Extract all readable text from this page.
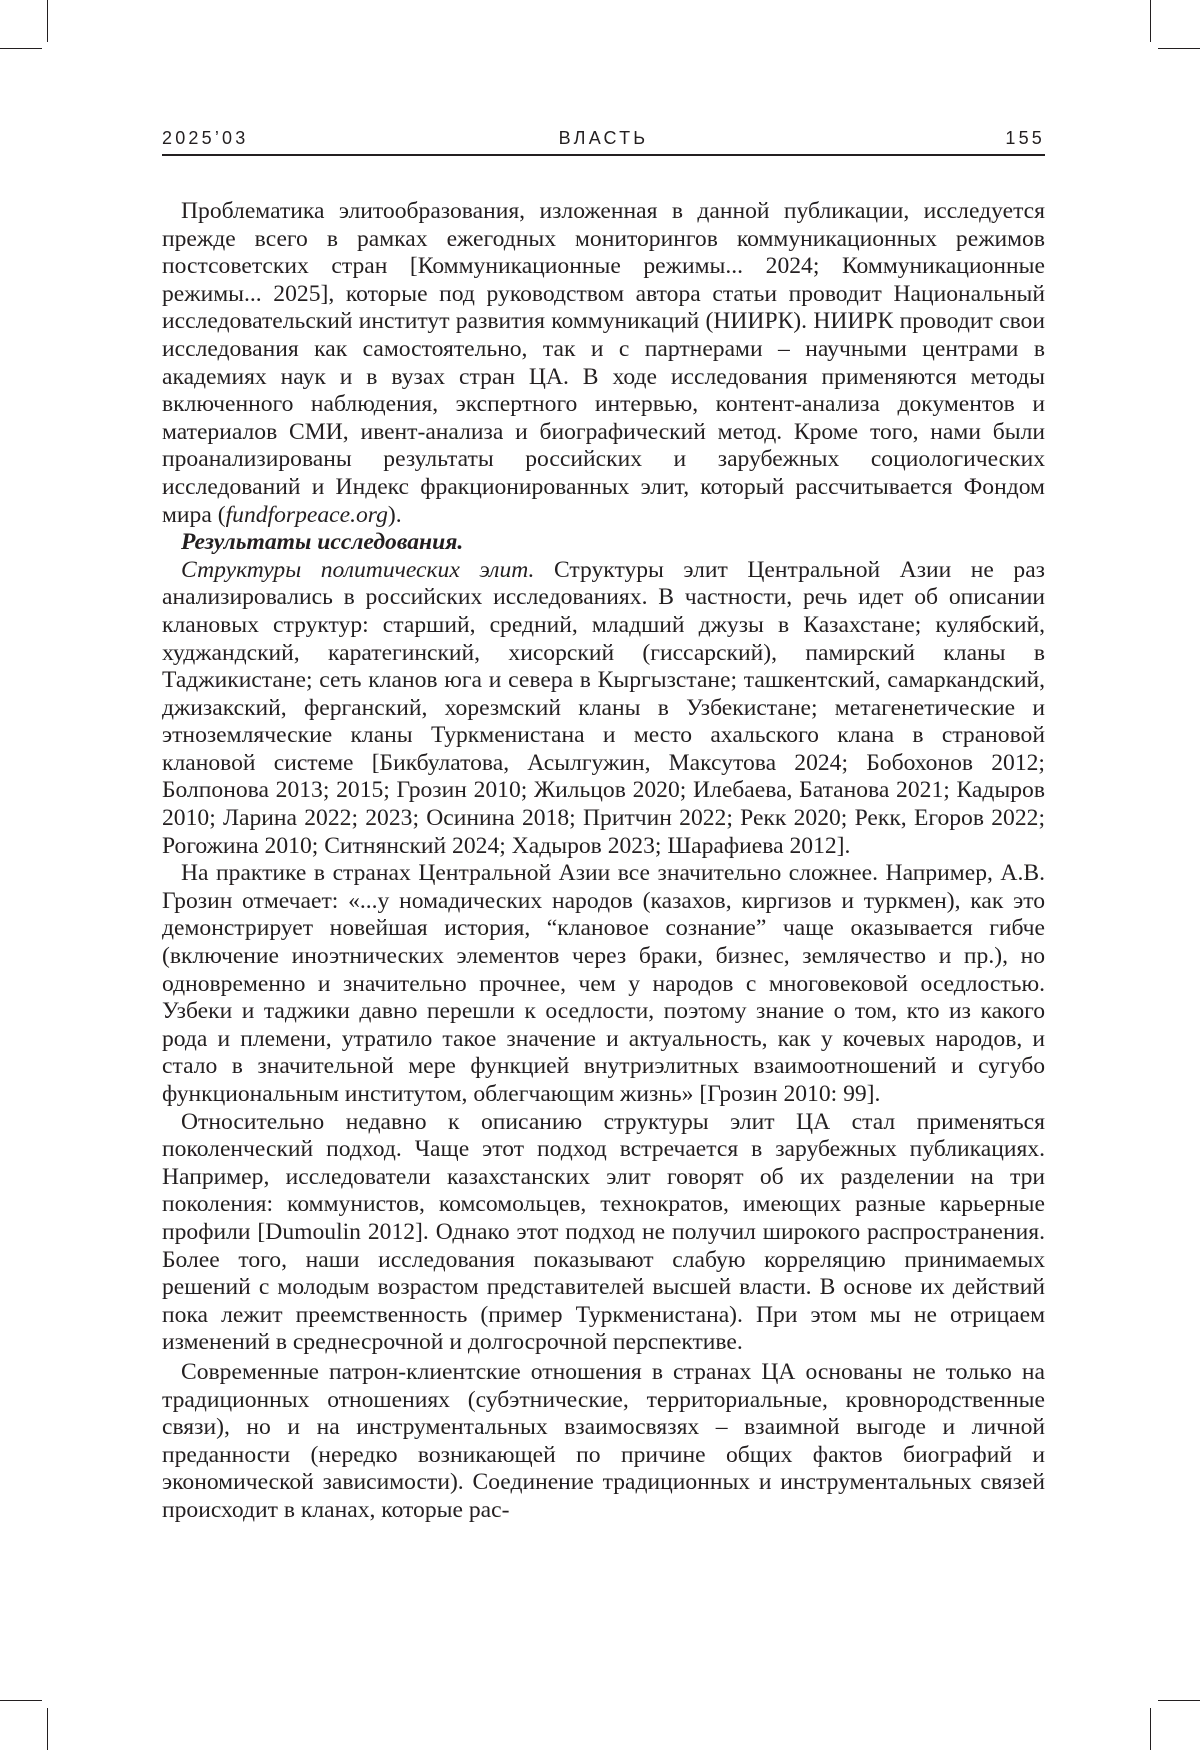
2025’03	ВЛАСТЬ	155

Проблематика элитообразования, изложенная в данной публикации, исследуется прежде всего в рамках ежегодных мониторингов коммуникационных режимов постсоветских стран [Коммуникационные режимы... 2024; Коммуникационные режимы... 2025], которые под руководством автора статьи проводит Национальный исследовательский институт развития коммуникаций (НИИРК). НИИРК проводит свои исследования как самостоятельно, так и с партнерами – научными центрами в академиях наук и в вузах стран ЦА. В ходе исследования применяются методы включенного наблюдения, экспертного интервью, контент-анализа документов и материалов СМИ, ивент-анализа и биографический метод. Кроме того, нами были проанализированы результаты российских и зарубежных социологических исследований и Индекс фракционированных элит, который рассчитывается Фондом мира (fundforpeace.org).

Результаты исследования.

Структуры политических элит. Структуры элит Центральной Азии не раз анализировались в российских исследованиях. В частности, речь идет об описании клановых структур: старший, средний, младший джузы в Казахстане; кулябский, худжандский, каратегинский, хисорский (гиссарский), памирский кланы в Таджикистане; сеть кланов юга и севера в Кыргызстане; ташкентский, самаркандский, джизакский, ферганский, хорезмский кланы в Узбекистане; метагенетические и этноземляческие кланы Туркменистана и место ахальского клана в страновой клановой системе [Бикбулатова, Асылгужин, Максутова 2024; Бобохонов 2012; Болпонова 2013; 2015; Грозин 2010; Жильцов 2020; Илебаева, Батанова 2021; Кадыров 2010; Ларина 2022; 2023; Осинина 2018; Притчин 2022; Рекк 2020; Рекк, Егоров 2022; Рогожина 2010; Ситнянский 2024; Хадыров 2023; Шарафиева 2012].

На практике в странах Центральной Азии все значительно сложнее. Например, А.В. Грозин отмечает: «...у номадических народов (казахов, киргизов и туркмен), как это демонстрирует новейшая история, “клановое сознание” чаще оказывается гибче (включение иноэтнических элементов через браки, бизнес, землячество и пр.), но одновременно и значительно прочнее, чем у народов с многовековой оседлостью. Узбеки и таджики давно перешли к оседлости, поэтому знание о том, кто из какого рода и племени, утратило такое значение и актуальность, как у кочевых народов, и стало в значительной мере функцией внутриэлитных взаимоотношений и сугубо функциональным институтом, облегчающим жизнь» [Грозин 2010: 99].

Относительно недавно к описанию структуры элит ЦА стал применяться поколенческий подход. Чаще этот подход встречается в зарубежных публикациях. Например, исследователи казахстанских элит говорят об их разделении на три поколения: коммунистов, комсомольцев, технократов, имеющих разные карьерные профили [Dumoulin 2012]. Однако этот подход не получил широкого распространения. Более того, наши исследования показывают слабую корреляцию принимаемых решений с молодым возрастом представителей высшей власти. В основе их действий пока лежит преемственность (пример Туркменистана). При этом мы не отрицаем изменений в среднесрочной и долгосрочной перспективе.

Современные патрон-клиентские отношения в странах ЦА основаны не только на традиционных отношениях (субэтнические, территориальные, кровнородственные связи), но и на инструментальных взаимосвязях – взаимной выгоде и личной преданности (нередко возникающей по причине общих фактов биографий и экономической зависимости). Соединение традиционных и инструментальных связей происходит в кланах, которые рас-
